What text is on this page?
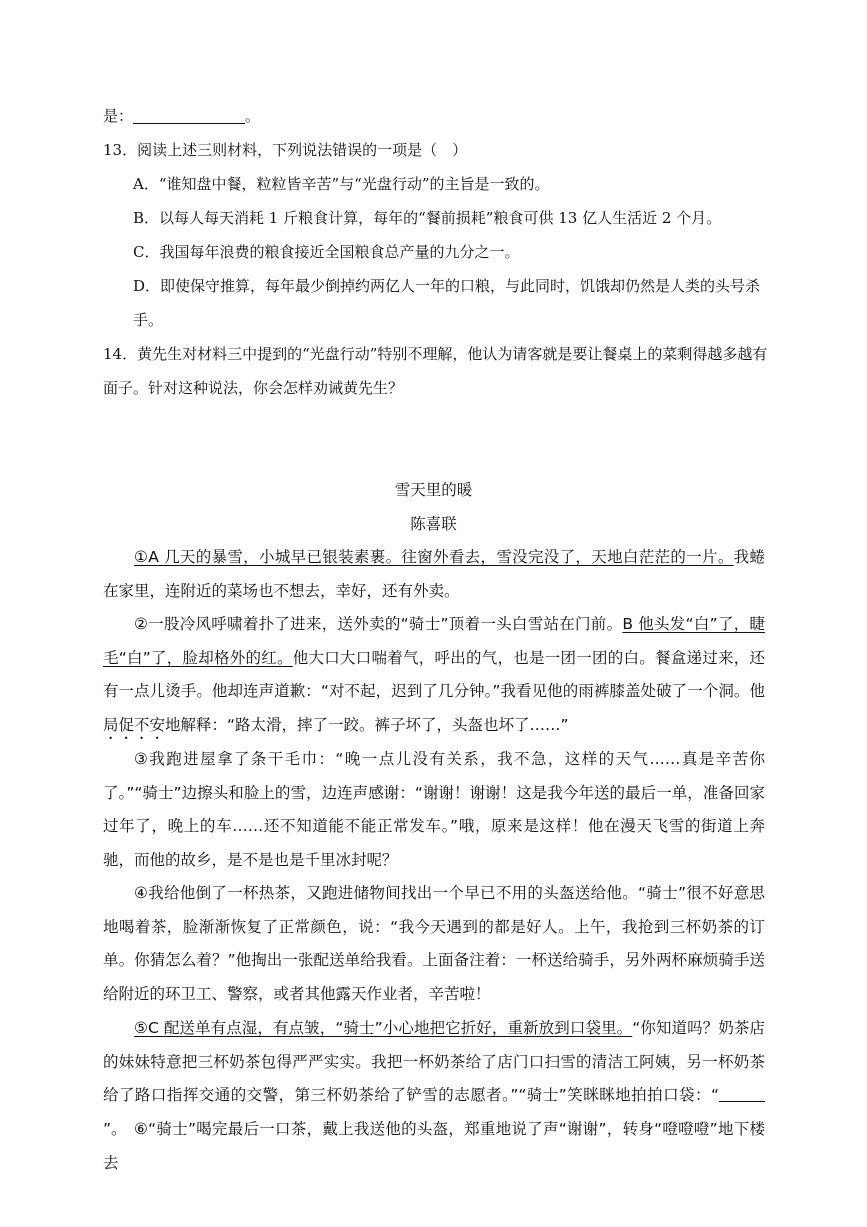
是：	。
13．阅读上述三则材料，下列说法错误的一项是（　）
A．“谁知盘中餐，粒粒皆辛苦”与“光盘行动”的主旨是一致的。
B．以每人每天消耗 1 斤粮食计算，每年的“餐前损耗”粮食可供 13 亿人生活近 2 个月。
C．我国每年浪费的粮食接近全国粮食总产量的九分之一。
D．即使保守推算，每年最少倒掉约两亿人一年的口粮，与此同时，饥饿却仍然是人类的头号杀
手。
14．黄先生对材料三中提到的“光盘行动”特别不理解，他认为请客就是要让餐桌上的菜剩得越多越有
面子。针对这种说法，你会怎样劝诫黄先生？
雪天里的暖
陈喜联

①A 几天的暴雪，小城早已银装素裹。往窗外看去，雪没完没了，天地白茫茫的一片。我蜷在家里，连附近的菜场也不想去，幸好，还有外卖。

②一股冷风呼啸着扑了进来，送外卖的“骑士”顶着一头白雪站在门前。B 他头发“白”了，睫毛“白”了，脸却格外的红。他大口大口喘着气，呼出的气，也是一团一团的白。餐盒递过来，还有一点儿烫手。他却连声道歉：“对不起，迟到了几分钟。”我看见他的雨裤膝盖处破了一个洞。他局促不安地解释：“路太滑，摔了一跤。裤子坏了，头盔也坏了……”

③我跑进屋拿了条干毛巾：“晚一点儿没有关系，我不急，这样的天气……真是辛苦你了。”“骑士”边擦头和脸上的雪，边连声感谢：“谢谢！谢谢！这是我今年送的最后一单，准备回家过年了，晚上的车……还不知道能不能正常发车。”哦，原来是这样！他在漫天飞雪的街道上奔驰，而他的故乡，是不是也是千里冰封呢？

④我给他倒了一杯热茶，又跑进储物间找出一个早已不用的头盔送给他。“骑士”很不好意思地喝着茶，脸渐渐恢复了正常颜色，说：“我今天遇到的都是好人。上午，我抢到三杯奶茶的订单。你猜怎么着？”他掏出一张配送单给我看。上面备注着：一杯送给骑手，另外两杯麻烦骑手送给附近的环卫工、警察，或者其他露天作业者，辛苦啦！

⑤C 配送单有点湿，有点皱，“骑士”小心地把它折好，重新放到口袋里。“你知道吗？奶茶店的妹妹特意把三杯奶茶包得严严实实。我把一杯奶茶给了店门口扫雪的清洁工阿姨，另一杯奶茶给了路口指挥交通的交警，第三杯奶茶给了铲雪的志愿者。”“骑士”笑眯眯地拍拍口袋：“”。 ⑥“骑士”喝完最后一口茶，戴上我送他的头盔，郑重地说了声“谢谢”，转身“噔噔噔”地下楼去
